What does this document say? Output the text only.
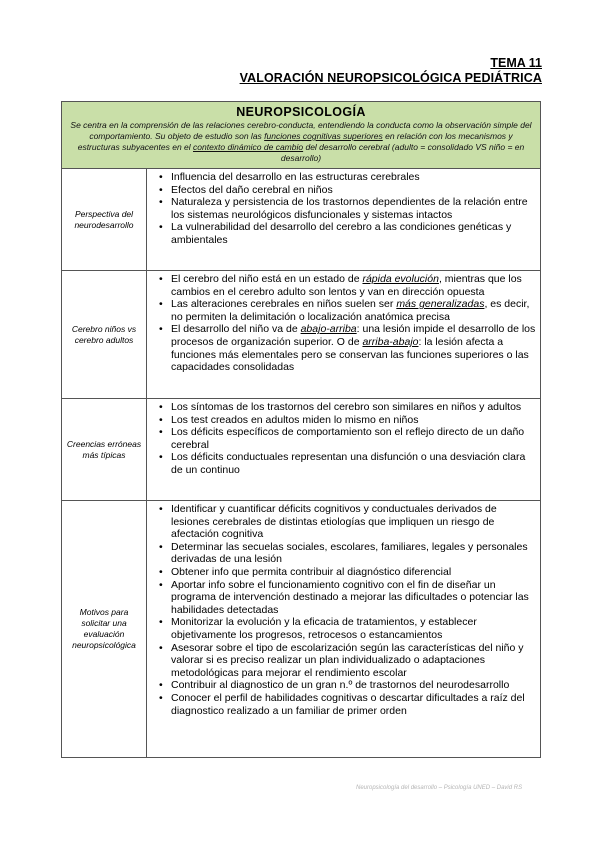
TEMA 11
VALORACIÓN NEUROPSICOLÓGICA PEDIÁTRICA
NEUROPSICOLOGÍA
Se centra en la comprensión de las relaciones cerebro-conducta, entendiendo la conducta como la observación simple del comportamiento. Su objeto de estudio son las funciones cognitivas superiores en relación con los mecanismos y estructuras subyacentes en el contexto dinámico de cambio del desarrollo cerebral (adulto = consolidado VS niño = en desarrollo)
Perspectiva del neurodesarrollo
• Influencia del desarrollo en las estructuras cerebrales
• Efectos del daño cerebral en niños
• Naturaleza y persistencia de los trastornos dependientes de la relación entre los sistemas neurológicos disfuncionales y sistemas intactos
• La vulnerabilidad del desarrollo del cerebro a las condiciones genéticas y ambientales
Cerebro niños vs cerebro adultos
• El cerebro del niño está en un estado de rápida evolución, mientras que los cambios en el cerebro adulto son lentos y van en dirección opuesta
• Las alteraciones cerebrales en niños suelen ser más generalizadas, es decir, no permiten la delimitación o localización anatómica precisa
• El desarrollo del niño va de abajo-arriba: una lesión impide el desarrollo de los procesos de organización superior. O de arriba-abajo: la lesión afecta a funciones más elementales pero se conservan las funciones superiores o las capacidades consolidadas
Creencias erróneas más típicas
• Los síntomas de los trastornos del cerebro son similares en niños y adultos
• Los test creados en adultos miden lo mismo en niños
• Los déficits específicos de comportamiento son el reflejo directo de un daño cerebral
• Los déficits conductuales representan una disfunción o una desviación clara de un continuo
Motivos para solicitar una evaluación neuropsicológica
• Identificar y cuantificar déficits cognitivos y conductuales derivados de lesiones cerebrales de distintas etiologías que impliquen un riesgo de afectación cognitiva
• Determinar las secuelas sociales, escolares, familiares, legales y personales derivadas de una lesión
• Obtener info que permita contribuir al diagnóstico diferencial
• Aportar info sobre el funcionamiento cognitivo con el fin de diseñar un programa de intervención destinado a mejorar las dificultades o potenciar las habilidades detectadas
• Monitorizar la evolución y la eficacia de tratamientos, y establecer objetivamente los progresos, retrocesos o estancamientos
• Asesorar sobre el tipo de escolarización según las características del niño y valorar si es preciso realizar un plan individualizado o adaptaciones metodológicas para mejorar el rendimiento escolar
• Contribuir al diagnostico de un gran n.º de trastornos del neurodesarrollo
• Conocer el perfil de habilidades cognitivas o descartar dificultades a raíz del diagnostico realizado a un familiar de primer orden
Neuropsicología del desarrollo – Psicología UNED – David RS
